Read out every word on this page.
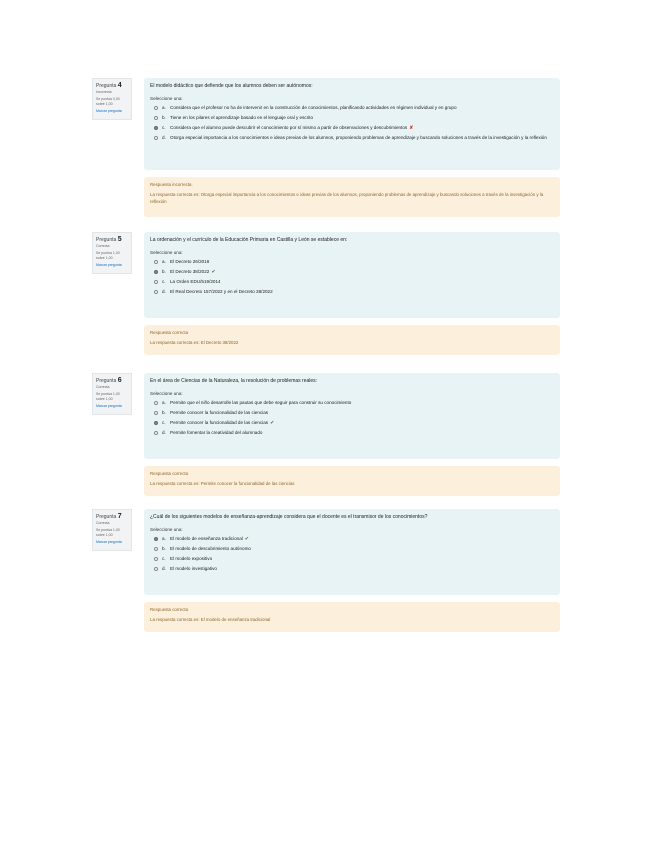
Pregunta 4
Incorrecta
Se puntúa 0,00 sobre 1,00
Marcar pregunta
El modelo didáctico que defiende que los alumnos deben ser autónomos:
Seleccione una:
a. Considera que el profesor no ha de intervenir en la construcción de conocimientos, planificando actividades en régimen individual y en grupo
b. Tiene en los pilares el aprendizaje basado en el lenguaje oral y escrito
c. Considera que el alumno puede descubrir el conocimiento por sí mismo a partir de observaciones y descubrimientos ✘
d. Otorga especial importancia a los conocimientos e ideas previas de los alumnos, proponiendo problemas de aprendizaje y buscando soluciones a través de la investigación y la reflexión
Respuesta incorrecta.
La respuesta correcta es: Otorga especial importancia a los conocimientos e ideas previas de los alumnos, proponiendo problemas de aprendizaje y buscando soluciones a través de la investigación y la reflexión
Pregunta 5
Correcta
Se puntúa 1,00 sobre 1,00
Marcar pregunta
La ordenación y el currículo de la Educación Primaria en Castilla y León se establece en:
Seleccione una:
a. El Decreto 26/2016
b. El Decreto 38/2022 ✔
c. La Orden EDU/519/2014
d. El Real Decreto 157/2022 y en el Decreto 38/2022
Respuesta correcta
La respuesta correcta es: El Decreto 38/2022
Pregunta 6
Correcta
Se puntúa 1,00 sobre 1,00
Marcar pregunta
En el área de Ciencias de la Naturaleza, la resolución de problemas reales:
Seleccione una:
a. Permite que el niño desarrolle las pautas que debe seguir para construir su conocimiento
b. Permite conocer la funcionalidad de las ciencias
c. Permite conocer la funcionalidad de las ciencias ✔
d. Permite fomentar la creatividad del alumnado
Respuesta correcta
La respuesta correcta es: Permite conocer la funcionalidad de las ciencias
Pregunta 7
Correcta
Se puntúa 1,00 sobre 1,00
Marcar pregunta
¿Cuál de los siguientes modelos de enseñanza-aprendizaje considera que el docente es el transmisor de los conocimientos?
Seleccione una:
a. El modelo de enseñanza tradicional ✔
b. El modelo de descubrimiento autónomo
c. El modelo expositivo
d. El modelo investigativo
Respuesta correcta
La respuesta correcta es: El modelo de enseñanza tradicional
